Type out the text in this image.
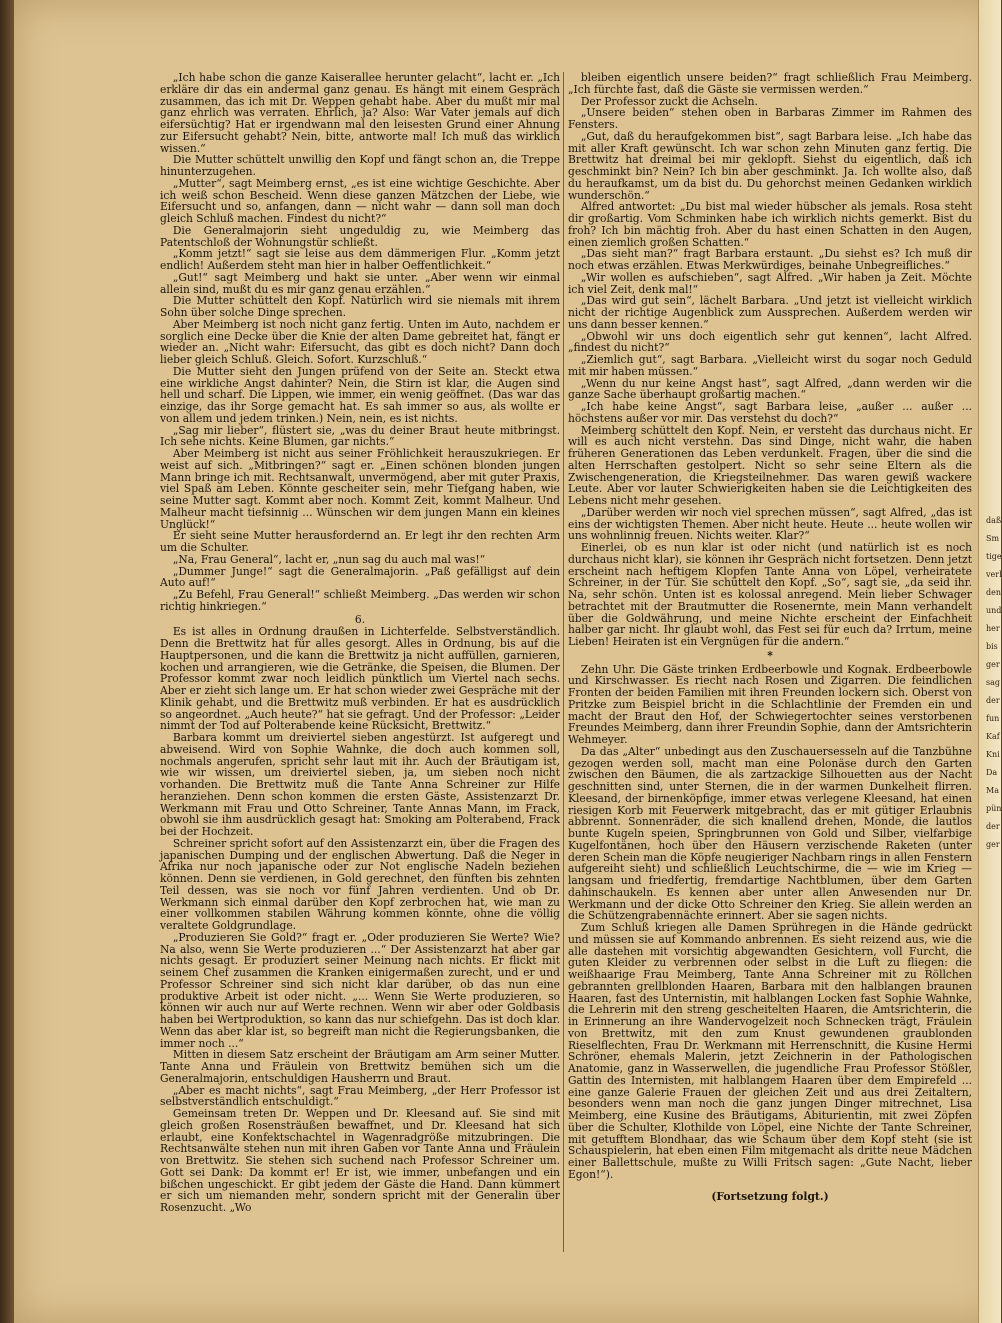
„Ich habe schon die ganze Kaiserallee herunter gelacht“, lacht er. „Ich erkläre dir das ein andermal ganz genau. Es hängt mit einem Gespräch zusammen, das ich mit Dr. Weppen gehabt habe. Aber du mußt mir mal ganz ehrlich was verraten. Ehrlich, ja? Also: War Vater jemals auf dich eifersüchtig? Hat er irgendwann mal den leisesten Grund einer Ahnung zur Eifersucht gehabt? Nein, bitte, antworte mal! Ich muß das wirklich wissen.“

Die Mutter schüttelt unwillig den Kopf und fängt schon an, die Treppe hinunterzugehen.

„Mutter“, sagt Meimberg ernst, „es ist eine wichtige Geschichte. Aber ich weiß schon Bescheid. Wenn diese ganzen Mätzchen der Liebe, wie Eifersucht und so, anfangen, dann — nicht wahr — dann soll man doch gleich Schluß machen. Findest du nicht?“

Die Generalmajorin sieht ungeduldig zu, wie Meimberg das Patentschloß der Wohnungstür schließt.

„Komm jetzt!“ sagt sie leise aus dem dämmerigen Flur. „Komm jetzt endlich! Außerdem steht man hier in halber Oeffentlichkeit.“

„Gut!“ sagt Meimberg und hakt sie unter. „Aber wenn wir einmal allein sind, mußt du es mir ganz genau erzählen.“

Die Mutter schüttelt den Kopf. Natürlich wird sie niemals mit ihrem Sohn über solche Dinge sprechen.

Aber Meimberg ist noch nicht ganz fertig. Unten im Auto, nachdem er sorglich eine Decke über die Knie der alten Dame gebreitet hat, fängt er wieder an. „Nicht wahr: Eifersucht, das gibt es doch nicht? Dann doch lieber gleich Schluß. Gleich. Sofort. Kurzschluß.“

Die Mutter sieht den Jungen prüfend von der Seite an. Steckt etwa eine wirkliche Angst dahinter? Nein, die Stirn ist klar, die Augen sind hell und scharf. Die Lippen, wie immer, ein wenig geöffnet. (Das war das einzige, das ihr Sorge gemacht hat. Es sah immer so aus, als wollte er von allem und jedem trinken.) Nein, nein, es ist nichts.

„Sag mir lieber“, flüstert sie, „was du deiner Braut heute mitbringst. Ich sehe nichts. Keine Blumen, gar nichts.“

Aber Meimberg ist nicht aus seiner Fröhlichkeit herauszukriegen. Er weist auf sich. „Mitbringen?“ sagt er. „Einen schönen blonden jungen Mann bringe ich mit. Rechtsanwalt, unvermögend, aber mit guter Praxis, viel Spaß am Leben. Könnte gescheiter sein, mehr Tiefgang haben, wie seine Mutter sagt. Kommt aber noch. Kommt Zeit, kommt Malheur. Und Malheur macht tiefsinnig ... Wünschen wir dem jungen Mann ein kleines Unglück!“

Er sieht seine Mutter herausfordernd an. Er legt ihr den rechten Arm um die Schulter.

„Na, Frau General“, lacht er, „nun sag du auch mal was!“

„Dummer Junge!“ sagt die Generalmajorin. „Paß gefälligst auf dein Auto auf!“

„Zu Befehl, Frau General!“ schließt Meimberg. „Das werden wir schon richtig hinkriegen.“

6.

Es ist alles in Ordnung draußen in Lichterfelde. Selbstverständlich. Denn die Brettwitz hat für alles gesorgt. Alles in Ordnung, bis auf die Hauptpersonen, und die kann die Brettwitz ja nicht auffüllen, garnieren, kochen und arrangieren, wie die Getränke, die Speisen, die Blumen. Der Professor kommt zwar noch leidlich pünktlich um Viertel nach sechs. Aber er zieht sich lange um. Er hat schon wieder zwei Gespräche mit der Klinik gehabt, und die Brettwitz muß verbinden. Er hat es ausdrücklich so angeordnet. „Auch heute?“ hat sie gefragt. Und der Professor: „Leider nimmt der Tod auf Polterabende keine Rücksicht, Brettwitz.“

Barbara kommt um dreiviertel sieben angestürzt. Ist aufgeregt und abweisend. Wird von Sophie Wahnke, die doch auch kommen soll, nochmals angerufen, spricht sehr laut mit ihr. Auch der Bräutigam ist, wie wir wissen, um dreiviertel sieben, ja, um sieben noch nicht vorhanden. Die Brettwitz muß die Tante Anna Schreiner zur Hilfe heranziehen. Denn schon kommen die ersten Gäste, Assistenzarzt Dr. Werkmann mit Frau und Otto Schreiner, Tante Annas Mann, im Frack, obwohl sie ihm ausdrücklich gesagt hat: Smoking am Polterabend, Frack bei der Hochzeit.

Schreiner spricht sofort auf den Assistenzarzt ein, über die Fragen des japanischen Dumping und der englischen Abwertung. Daß die Neger in Afrika nur noch japanische oder zur Not englische Nadeln beziehen können. Denn sie verdienen, in Gold gerechnet, den fünften bis zehnten Teil dessen, was sie noch vor fünf Jahren verdienten. Und ob Dr. Werkmann sich einmal darüber den Kopf zerbrochen hat, wie man zu einer vollkommen stabilen Währung kommen könnte, ohne die völlig veraltete Goldgrundlage.

„Produzieren Sie Gold?“ fragt er. „Oder produzieren Sie Werte? Wie? Na also, wenn Sie Werte produzieren ...“ Der Assistenzarzt hat aber gar nichts gesagt. Er produziert seiner Meinung nach nichts. Er flickt mit seinem Chef zusammen die Kranken einigermaßen zurecht, und er und Professor Schreiner sind sich nicht klar darüber, ob das nun eine produktive Arbeit ist oder nicht. „... Wenn Sie Werte produzieren, so können wir auch nur auf Werte rechnen. Wenn wir aber oder Goldbasis haben bei Wertproduktion, so kann das nur schiefgehn. Das ist doch klar. Wenn das aber klar ist, so begreift man nicht die Regierungsbanken, die immer noch ...“

Mitten in diesem Satz erscheint der Bräutigam am Arm seiner Mutter. Tante Anna und Fräulein von Brettwitz bemühen sich um die Generalmajorin, entschuldigen Hausherrn und Braut.

„Aber es macht nichts“, sagt Frau Meimberg, „der Herr Professor ist selbstverständlich entschuldigt.“

Gemeinsam treten Dr. Weppen und Dr. Kleesand auf. Sie sind mit gleich großen Rosensträußen bewaffnet, und Dr. Kleesand hat sich erlaubt, eine Konfektschachtel in Wagenradgröße mitzubringen. Die Rechtsanwälte stehen nun mit ihren Gaben vor Tante Anna und Fräulein von Brettwitz. Sie stehen sich suchend nach Professor Schreiner um. Gott sei Dank: Da kommt er! Er ist, wie immer, unbefangen und ein bißchen ungeschickt. Er gibt jedem der Gäste die Hand. Dann kümmert er sich um niemanden mehr, sondern spricht mit der Generalin über Rosenzucht. „Wo

bleiben eigentlich unsere beiden?“ fragt schließlich Frau Meimberg. „Ich fürchte fast, daß die Gäste sie vermissen werden.“

Der Professor zuckt die Achseln.

„Unsere beiden“ stehen oben in Barbaras Zimmer im Rahmen des Fensters.

„Gut, daß du heraufgekommen bist“, sagt Barbara leise. „Ich habe das mit aller Kraft gewünscht. Ich war schon zehn Minuten ganz fertig. Die Brettwitz hat dreimal bei mir geklopft. Siehst du eigentlich, daß ich geschminkt bin? Nein? Ich bin aber geschminkt. Ja. Ich wollte also, daß du heraufkamst, um da bist du. Du gehorchst meinen Gedanken wirklich wunderschön.“

Alfred antwortet: „Du bist mal wieder hübscher als jemals. Rosa steht dir großartig. Vom Schminken habe ich wirklich nichts gemerkt. Bist du froh? Ich bin mächtig froh. Aber du hast einen Schatten in den Augen, einen ziemlich großen Schatten.“

„Das sieht man?“ fragt Barbara erstaunt. „Du siehst es? Ich muß dir noch etwas erzählen. Etwas Merkwürdiges, beinahe Unbegreifliches.“

„Wir wollen es aufschieben“, sagt Alfred. „Wir haben ja Zeit. Möchte ich viel Zeit, denk mal!“

„Das wird gut sein“, lächelt Barbara. „Und jetzt ist vielleicht wirklich nicht der richtige Augenblick zum Aussprechen. Außerdem werden wir uns dann besser kennen.“

„Obwohl wir uns doch eigentlich sehr gut kennen“, lacht Alfred. „findest du nicht?“

„Ziemlich gut“, sagt Barbara. „Vielleicht wirst du sogar noch Geduld mit mir haben müssen.“

„Wenn du nur keine Angst hast“, sagt Alfred, „dann werden wir die ganze Sache überhaupt großartig machen.“

„Ich habe keine Angst“, sagt Barbara leise, „außer ... außer ... höchstens außer vor mir. Das verstehst du doch?“

Meimberg schüttelt den Kopf. Nein, er versteht das durchaus nicht. Er will es auch nicht verstehn. Das sind Dinge, nicht wahr, die haben früheren Generationen das Leben verdunkelt. Fragen, über die sind die alten Herrschaften gestolpert. Nicht so sehr seine Eltern als die Zwischengeneration, die Kriegsteilnehmer. Das waren gewiß wackere Leute. Aber vor lauter Schwierigkeiten haben sie die Leichtigkeiten des Lebens nicht mehr gesehen.

„Darüber werden wir noch viel sprechen müssen“, sagt Alfred, „das ist eins der wichtigsten Themen. Aber nicht heute. Heute ... heute wollen wir uns wohnlinnig freuen. Nichts weiter. Klar?“

Einerlei, ob es nun klar ist oder nicht (und natürlich ist es noch durchaus nicht klar), sie können ihr Gespräch nicht fortsetzen. Denn jetzt erscheint nach heftigem Klopfen Tante Anna von Löpel, verheiratete Schreiner, in der Tür. Sie schüttelt den Kopf. „So“, sagt sie, „da seid ihr. Na, sehr schön. Unten ist es kolossal anregend. Mein lieber Schwager betrachtet mit der Brautmutter die Rosenernte, mein Mann verhandelt über die Goldwährung, und meine Nichte erscheint der Einfachheit halber gar nicht. Ihr glaubt wohl, das Fest sei für euch da? Irrtum, meine Lieben! Heiraten ist ein Vergnügen für die andern.“

*

Zehn Uhr. Die Gäste trinken Erdbeerbowle und Kognak. Erdbeerbowle und Kirschwasser. Es riecht nach Rosen und Zigarren. Die feindlichen Fronten der beiden Familien mit ihren Freunden lockern sich. Oberst von Pritzke zum Beispiel bricht in die Schlachtlinie der Fremden ein und macht der Braut den Hof, der Schwiegertochter seines verstorbenen Freundes Meimberg, dann ihrer Freundin Sophie, dann der Amtsrichterin Wehmeyer.

Da das „Alter“ unbedingt aus den Zuschauersesseln auf die Tanzbühne gezogen werden soll, macht man eine Polonäse durch den Garten zwischen den Bäumen, die als zartzackige Silhouetten aus der Nacht geschnitten sind, unter Sternen, die in der warmen Dunkelheit flirren. Kleesand, der birnenköpfige, immer etwas verlegene Kleesand, hat einen riesigen Korb mit Feuerwerk mitgebracht, das er mit gütiger Erlaubnis abbrennt. Sonnenräder, die sich knallend drehen, Monde, die lautlos bunte Kugeln speien, Springbrunnen von Gold und Silber, vielfarbige Kugelfontänen, hoch über den Häusern verzischende Raketen (unter deren Schein man die Köpfe neugieriger Nachbarn rings in allen Fenstern aufgereiht sieht) und schließlich Leuchtschirme, die — wie im Krieg — langsam und friedfertig, fremdartige Nachtblumen, über dem Garten dahinschaukeln. Es kennen aber unter allen Anwesenden nur Dr. Werkmann und der dicke Otto Schreiner den Krieg. Sie allein werden an die Schützengrabennächte erinnert. Aber sie sagen nichts.

Zum Schluß kriegen alle Damen Sprühregen in die Hände gedrückt und müssen sie auf Kommando anbrennen. Es sieht reizend aus, wie die alle dastehen mit vorsichtig abgewandten Gesichtern, voll Furcht, die guten Kleider zu verbrennen oder selbst in die Luft zu fliegen: die weißhaarige Frau Meimberg, Tante Anna Schreiner mit zu Röllchen gebrannten grellblonden Haaren, Barbara mit den halblangen braunen Haaren, fast des Unternistin, mit halblangen Locken fast Sophie Wahnke, die Lehrerin mit den streng gescheitelten Haaren, die Amtsrichterin, die in Erinnerung an ihre Wandervogelzeit noch Schnecken trägt, Fräulein von Brettwitz, mit den zum Knust gewundenen graublonden Rieselflechten, Frau Dr. Werkmann mit Herrenschnitt, die Kusine Hermi Schröner, ehemals Malerin, jetzt Zeichnerin in der Pathologischen Anatomie, ganz in Wasserwellen, die jugendliche Frau Professor Stößler, Gattin des Internisten, mit halblangem Haaren über dem Empirefeld ... eine ganze Galerie Frauen der gleichen Zeit und aus drei Zeitaltern, besonders wenn man noch die ganz jungen Dinger mitrechnet, Lisa Meimberg, eine Kusine des Bräutigams, Abiturientin, mit zwei Zöpfen über die Schulter, Klothilde von Löpel, eine Nichte der Tante Schreiner, mit getufftem Blondhaar, das wie Schaum über dem Kopf steht (sie ist Schauspielerin, hat eben einen Film mitgemacht als dritte neue Mädchen einer Ballettschule, mußte zu Willi Fritsch sagen: „Gute Nacht, lieber Egon!“).

(Fortsetzung folgt.)

daß
Sm
tige
verl
den
und
her
bis
ger
sag
der
fun
Kaf
Kni
Da
Ma
pün
der
ger
